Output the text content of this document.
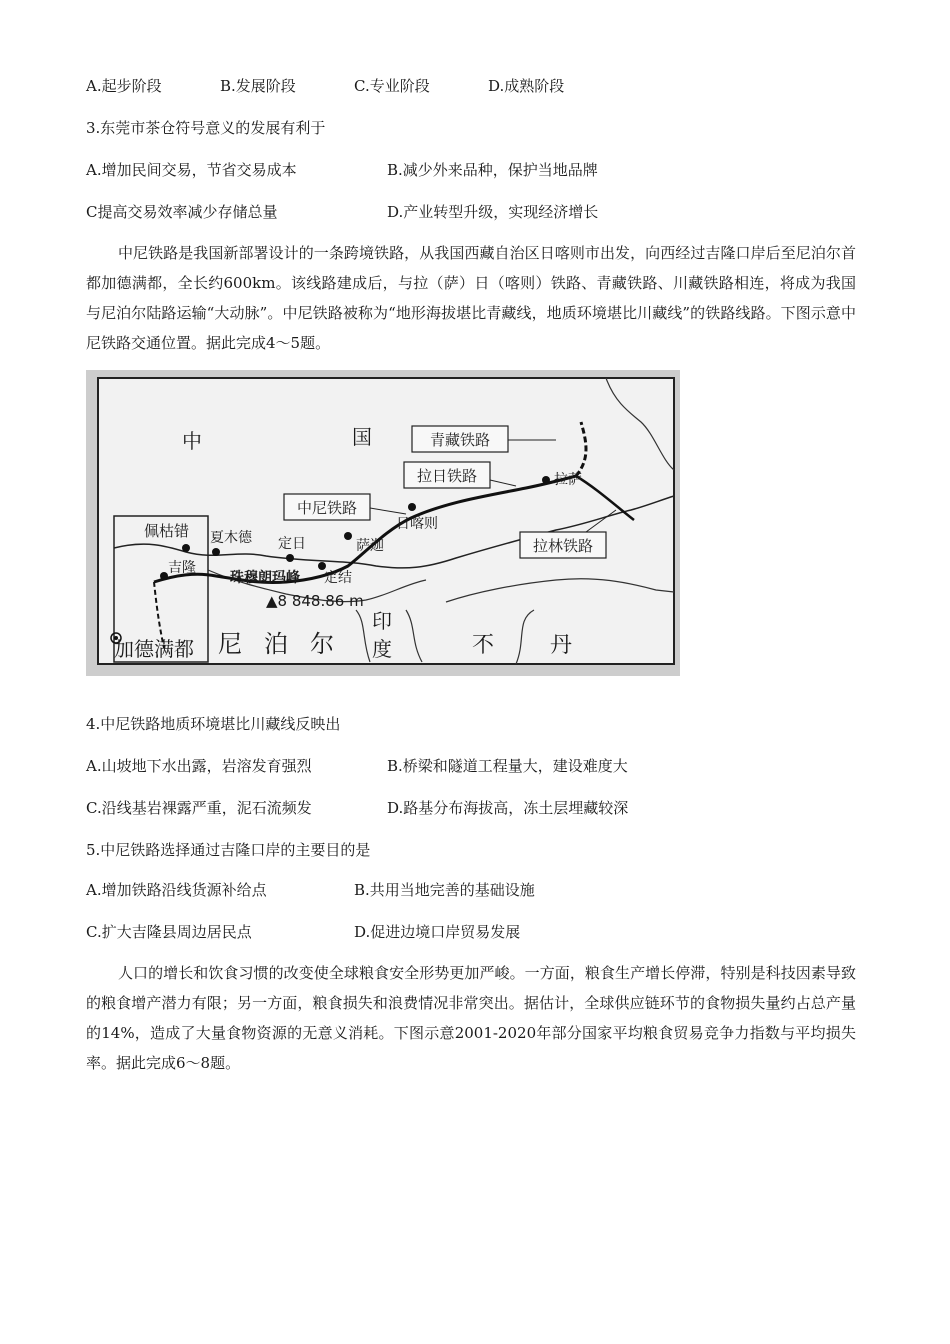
A.起步阶段	B.发展阶段	C.专业阶段	D.成熟阶段
3.东莞市茶仓符号意义的发展有利于
A.增加民间交易，节省交易成本	B.减少外来品种，保护当地品牌
C提高交易效率减少存储总量	D.产业转型升级，实现经济增长

中尼铁路是我国新部署设计的一条跨境铁路，从我国西藏自治区日喀则市出发，向西经过吉隆口岸后至尼泊尔首都加德满都，全长约600km。该线路建成后，与拉（萨）日（喀则）铁路、青藏铁路、川藏铁路相连，将成为我国与尼泊尔陆路运输“大动脉”。中尼铁路被称为“地形海拔堪比青藏线，地质环境堪比川藏线”的铁路线路。下图示意中尼铁路交通位置。据此完成4～5题。

青藏铁路
拉日铁路
中尼铁路
拉林铁路
中	国
尼 泊 尔
印
度	不	丹
拉萨
日喀则
萨迦
定日
定结
夏木德
佩枯错
吉隆
加德满都
珠穆朗玛峰
▲8 848.86 m
4.中尼铁路地质环境堪比川藏线反映出
A.山坡地下水出露，岩溶发育强烈	B.桥梁和隧道工程量大，建设难度大
C.沿线基岩裸露严重，泥石流频发	D.路基分布海拔高，冻土层埋藏较深
5.中尼铁路选择通过吉隆口岸的主要目的是
A.增加铁路沿线货源补给点	B.共用当地完善的基础设施
C.扩大吉隆县周边居民点	D.促进边境口岸贸易发展

人口的增长和饮食习惯的改变使全球粮食安全形势更加严峻。一方面，粮食生产增长停滞，特别是科技因素导致的粮食增产潜力有限；另一方面，粮食损失和浪费情况非常突出。据估计，全球供应链环节的食物损失量约占总产量的14%，造成了大量食物资源的无意义消耗。下图示意2001-2020年部分国家平均粮食贸易竞争力指数与平均损失率。据此完成6～8题。
